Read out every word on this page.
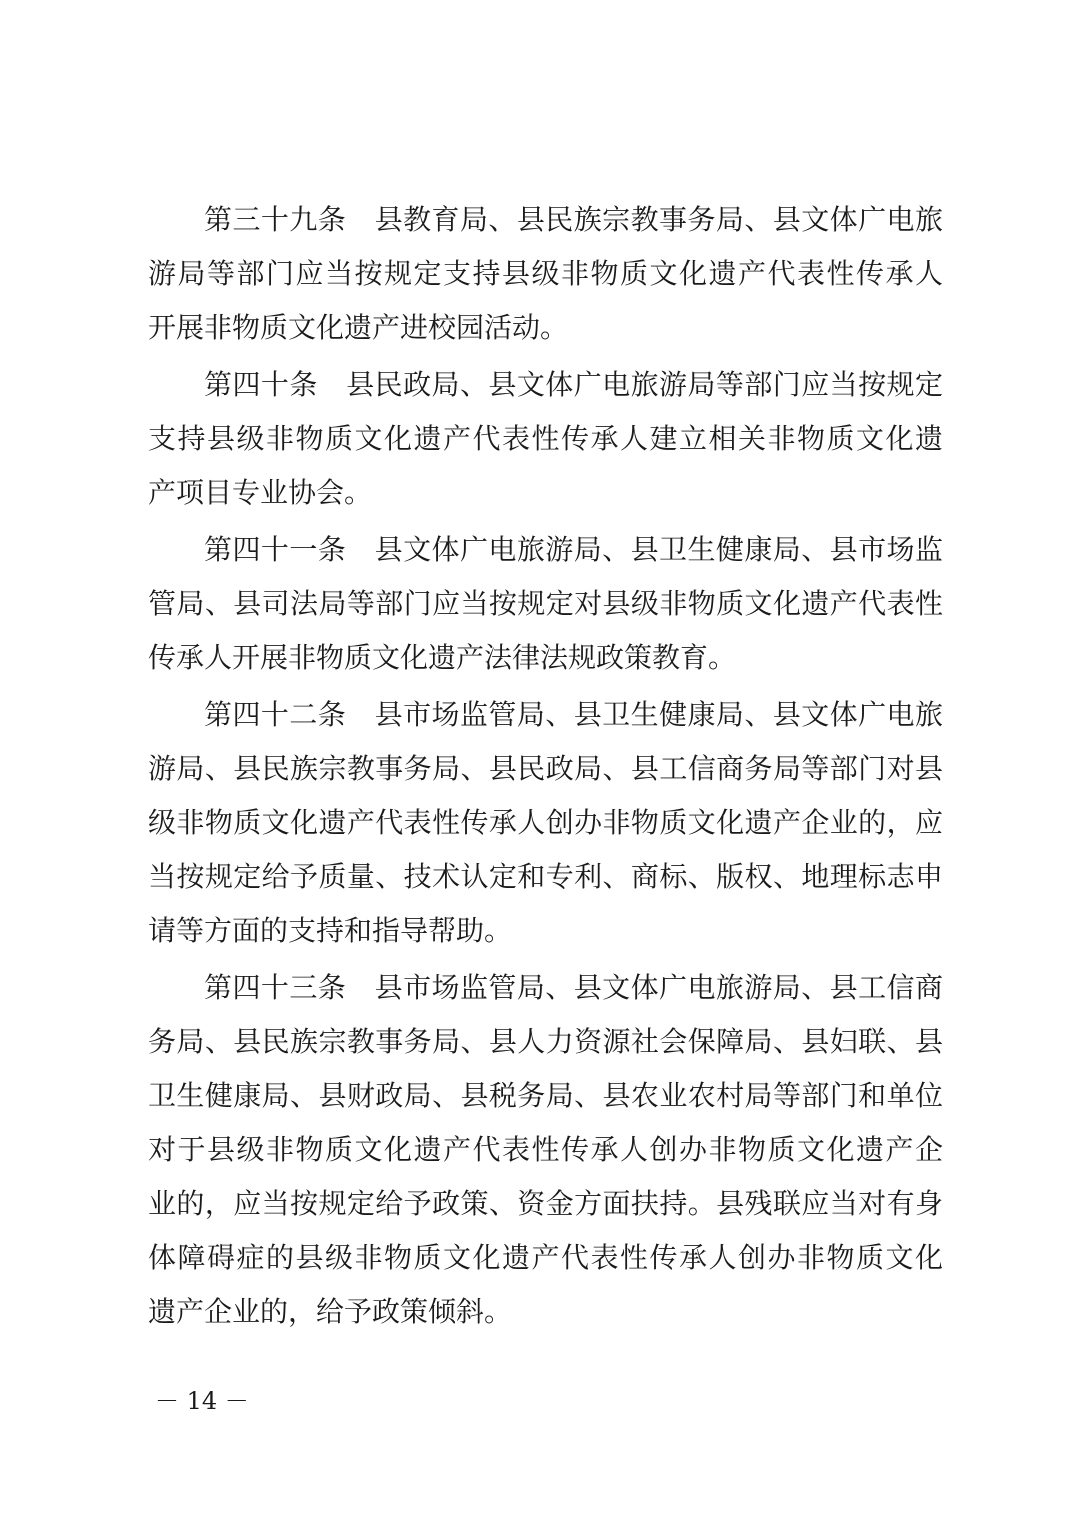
第三十九条　县教育局、县民族宗教事务局、县文体广电旅
游局等部门应当按规定支持县级非物质文化遗产代表性传承人
开展非物质文化遗产进校园活动。
第四十条　县民政局、县文体广电旅游局等部门应当按规定
支持县级非物质文化遗产代表性传承人建立相关非物质文化遗
产项目专业协会。
第四十一条　县文体广电旅游局、县卫生健康局、县市场监
管局、县司法局等部门应当按规定对县级非物质文化遗产代表性
传承人开展非物质文化遗产法律法规政策教育。
第四十二条　县市场监管局、县卫生健康局、县文体广电旅
游局、县民族宗教事务局、县民政局、县工信商务局等部门对县
级非物质文化遗产代表性传承人创办非物质文化遗产企业的，应
当按规定给予质量、技术认定和专利、商标、版权、地理标志申
请等方面的支持和指导帮助。
第四十三条　县市场监管局、县文体广电旅游局、县工信商
务局、县民族宗教事务局、县人力资源社会保障局、县妇联、县
卫生健康局、县财政局、县税务局、县农业农村局等部门和单位
对于县级非物质文化遗产代表性传承人创办非物质文化遗产企
业的，应当按规定给予政策、资金方面扶持。县残联应当对有身
体障碍症的县级非物质文化遗产代表性传承人创办非物质文化
遗产企业的，给予政策倾斜。
－ 14 －
